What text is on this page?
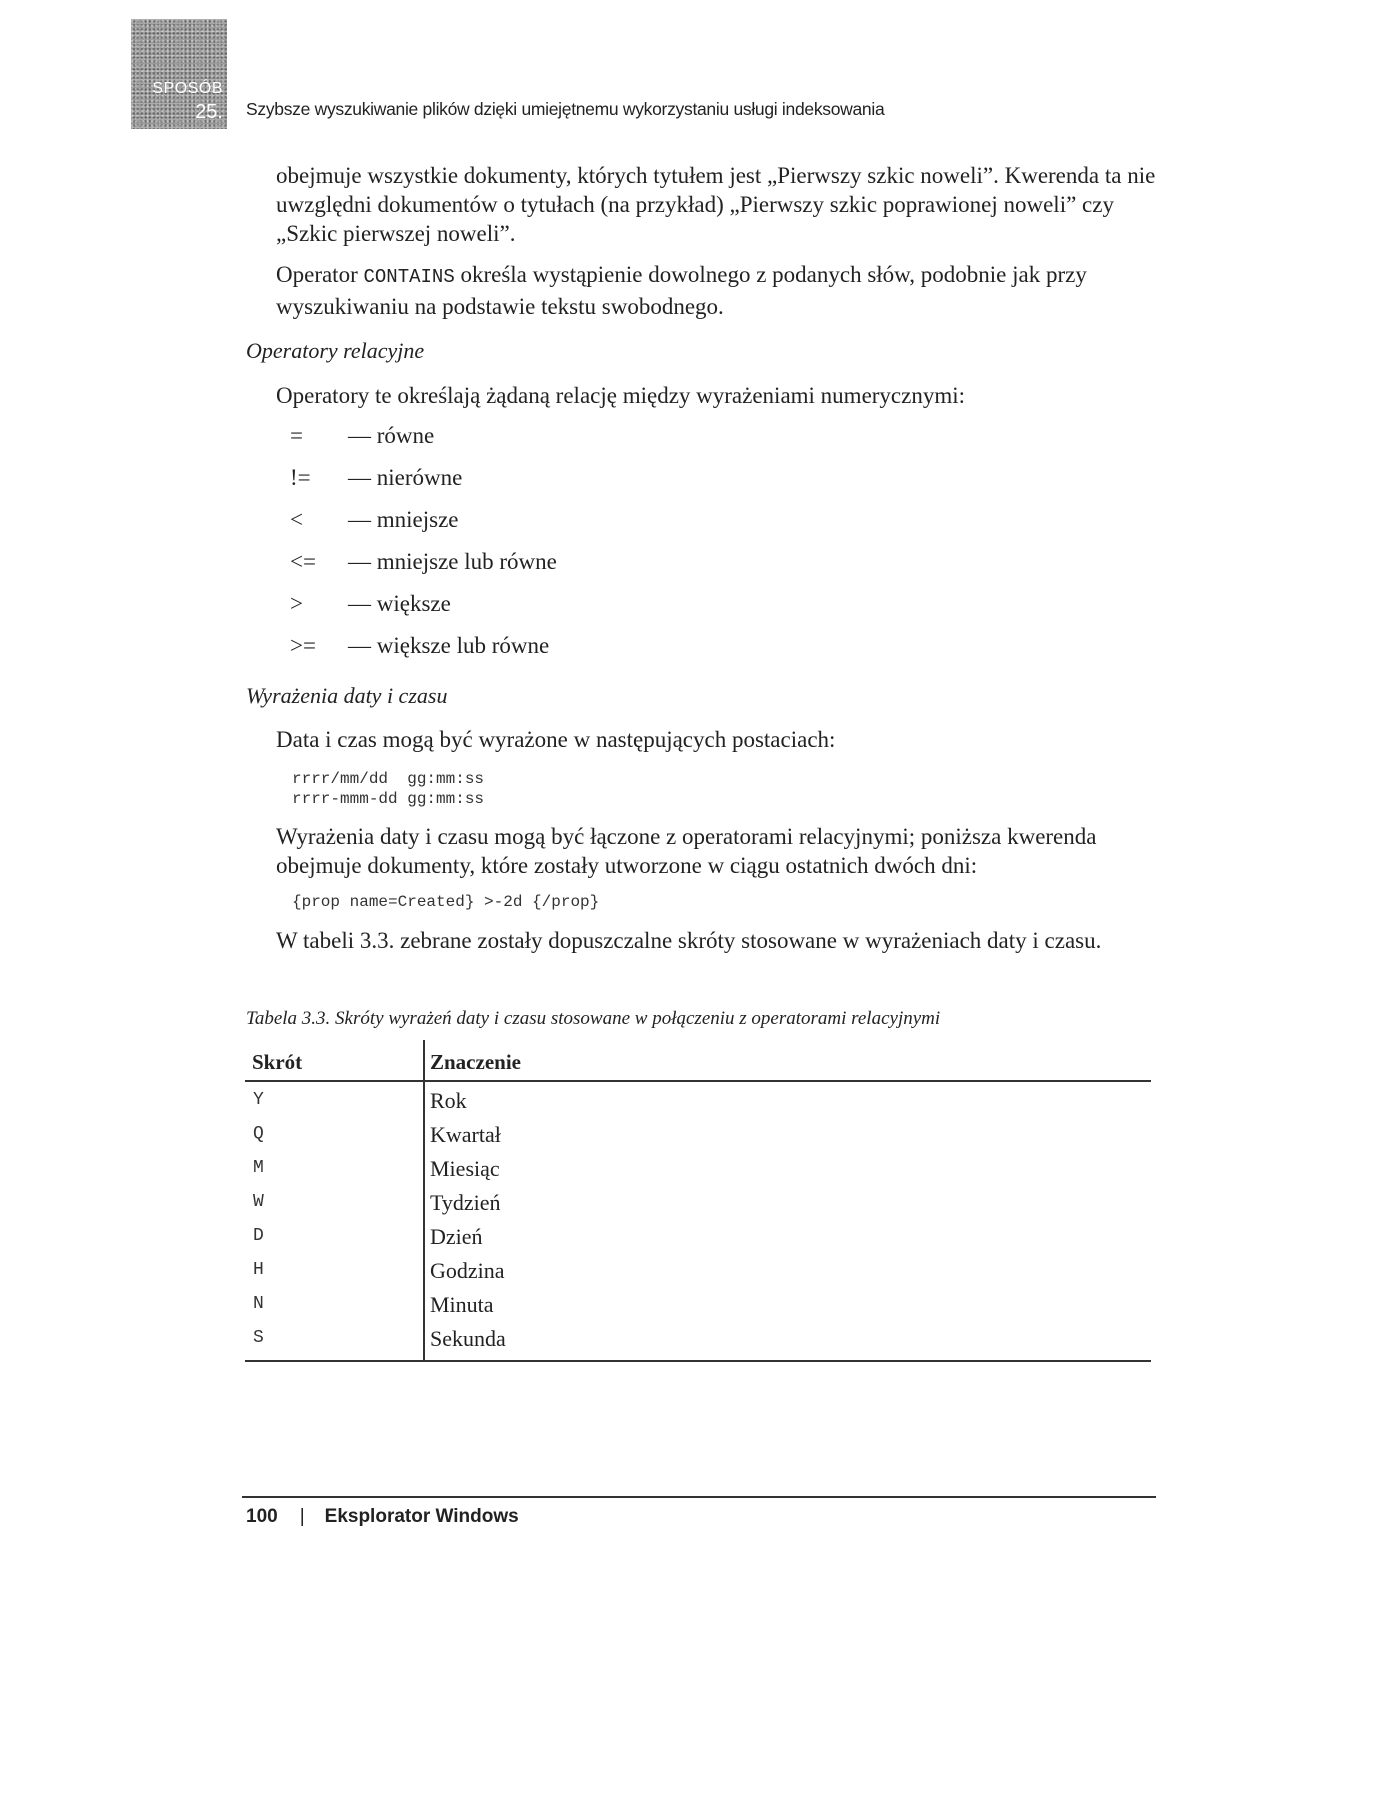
SPOSÓB
25. Szybsze wyszukiwanie plików dzięki umiejętnemu wykorzystaniu usługi indeksowania

obejmuje wszystkie dokumenty, których tytułem jest „Pierwszy szkic noweli”. Kwerenda ta nie uwzględni dokumentów o tytułach (na przykład) „Pierwszy szkic poprawionej noweli” czy „Szkic pierwszej noweli”.

Operator CONTAINS określa wystąpienie dowolnego z podanych słów, podobnie jak przy wyszukiwaniu na podstawie tekstu swobodnego.

Operatory relacyjne

Operatory te określają żądaną relację między wyrażeniami numerycznymi:

= — równe
!= — nierówne
< — mniejsze
<= — mniejsze lub równe
> — większe
>= — większe lub równe

Wyrażenia daty i czasu

Data i czas mogą być wyrażone w następujących postaciach:

rrrr/mm/dd  gg:mm:ss
rrrr-mmm-dd gg:mm:ss

Wyrażenia daty i czasu mogą być łączone z operatorami relacyjnymi; poniższa kwerenda obejmuje dokumenty, które zostały utworzone w ciągu ostatnich dwóch dni:

{prop name=Created} >-2d {/prop}

W tabeli 3.3. zebrane zostały dopuszczalne skróty stosowane w wyrażeniach daty i czasu.

Tabela 3.3. Skróty wyrażeń daty i czasu stosowane w połączeniu z operatorami relacyjnymi

Skrót	Znaczenie
Y	Rok
Q	Kwartał
M	Miesiąc
W	Tydzień
D	Dzień
H	Godzina
N	Minuta
S	Sekunda
100 | Eksplorator Windows
